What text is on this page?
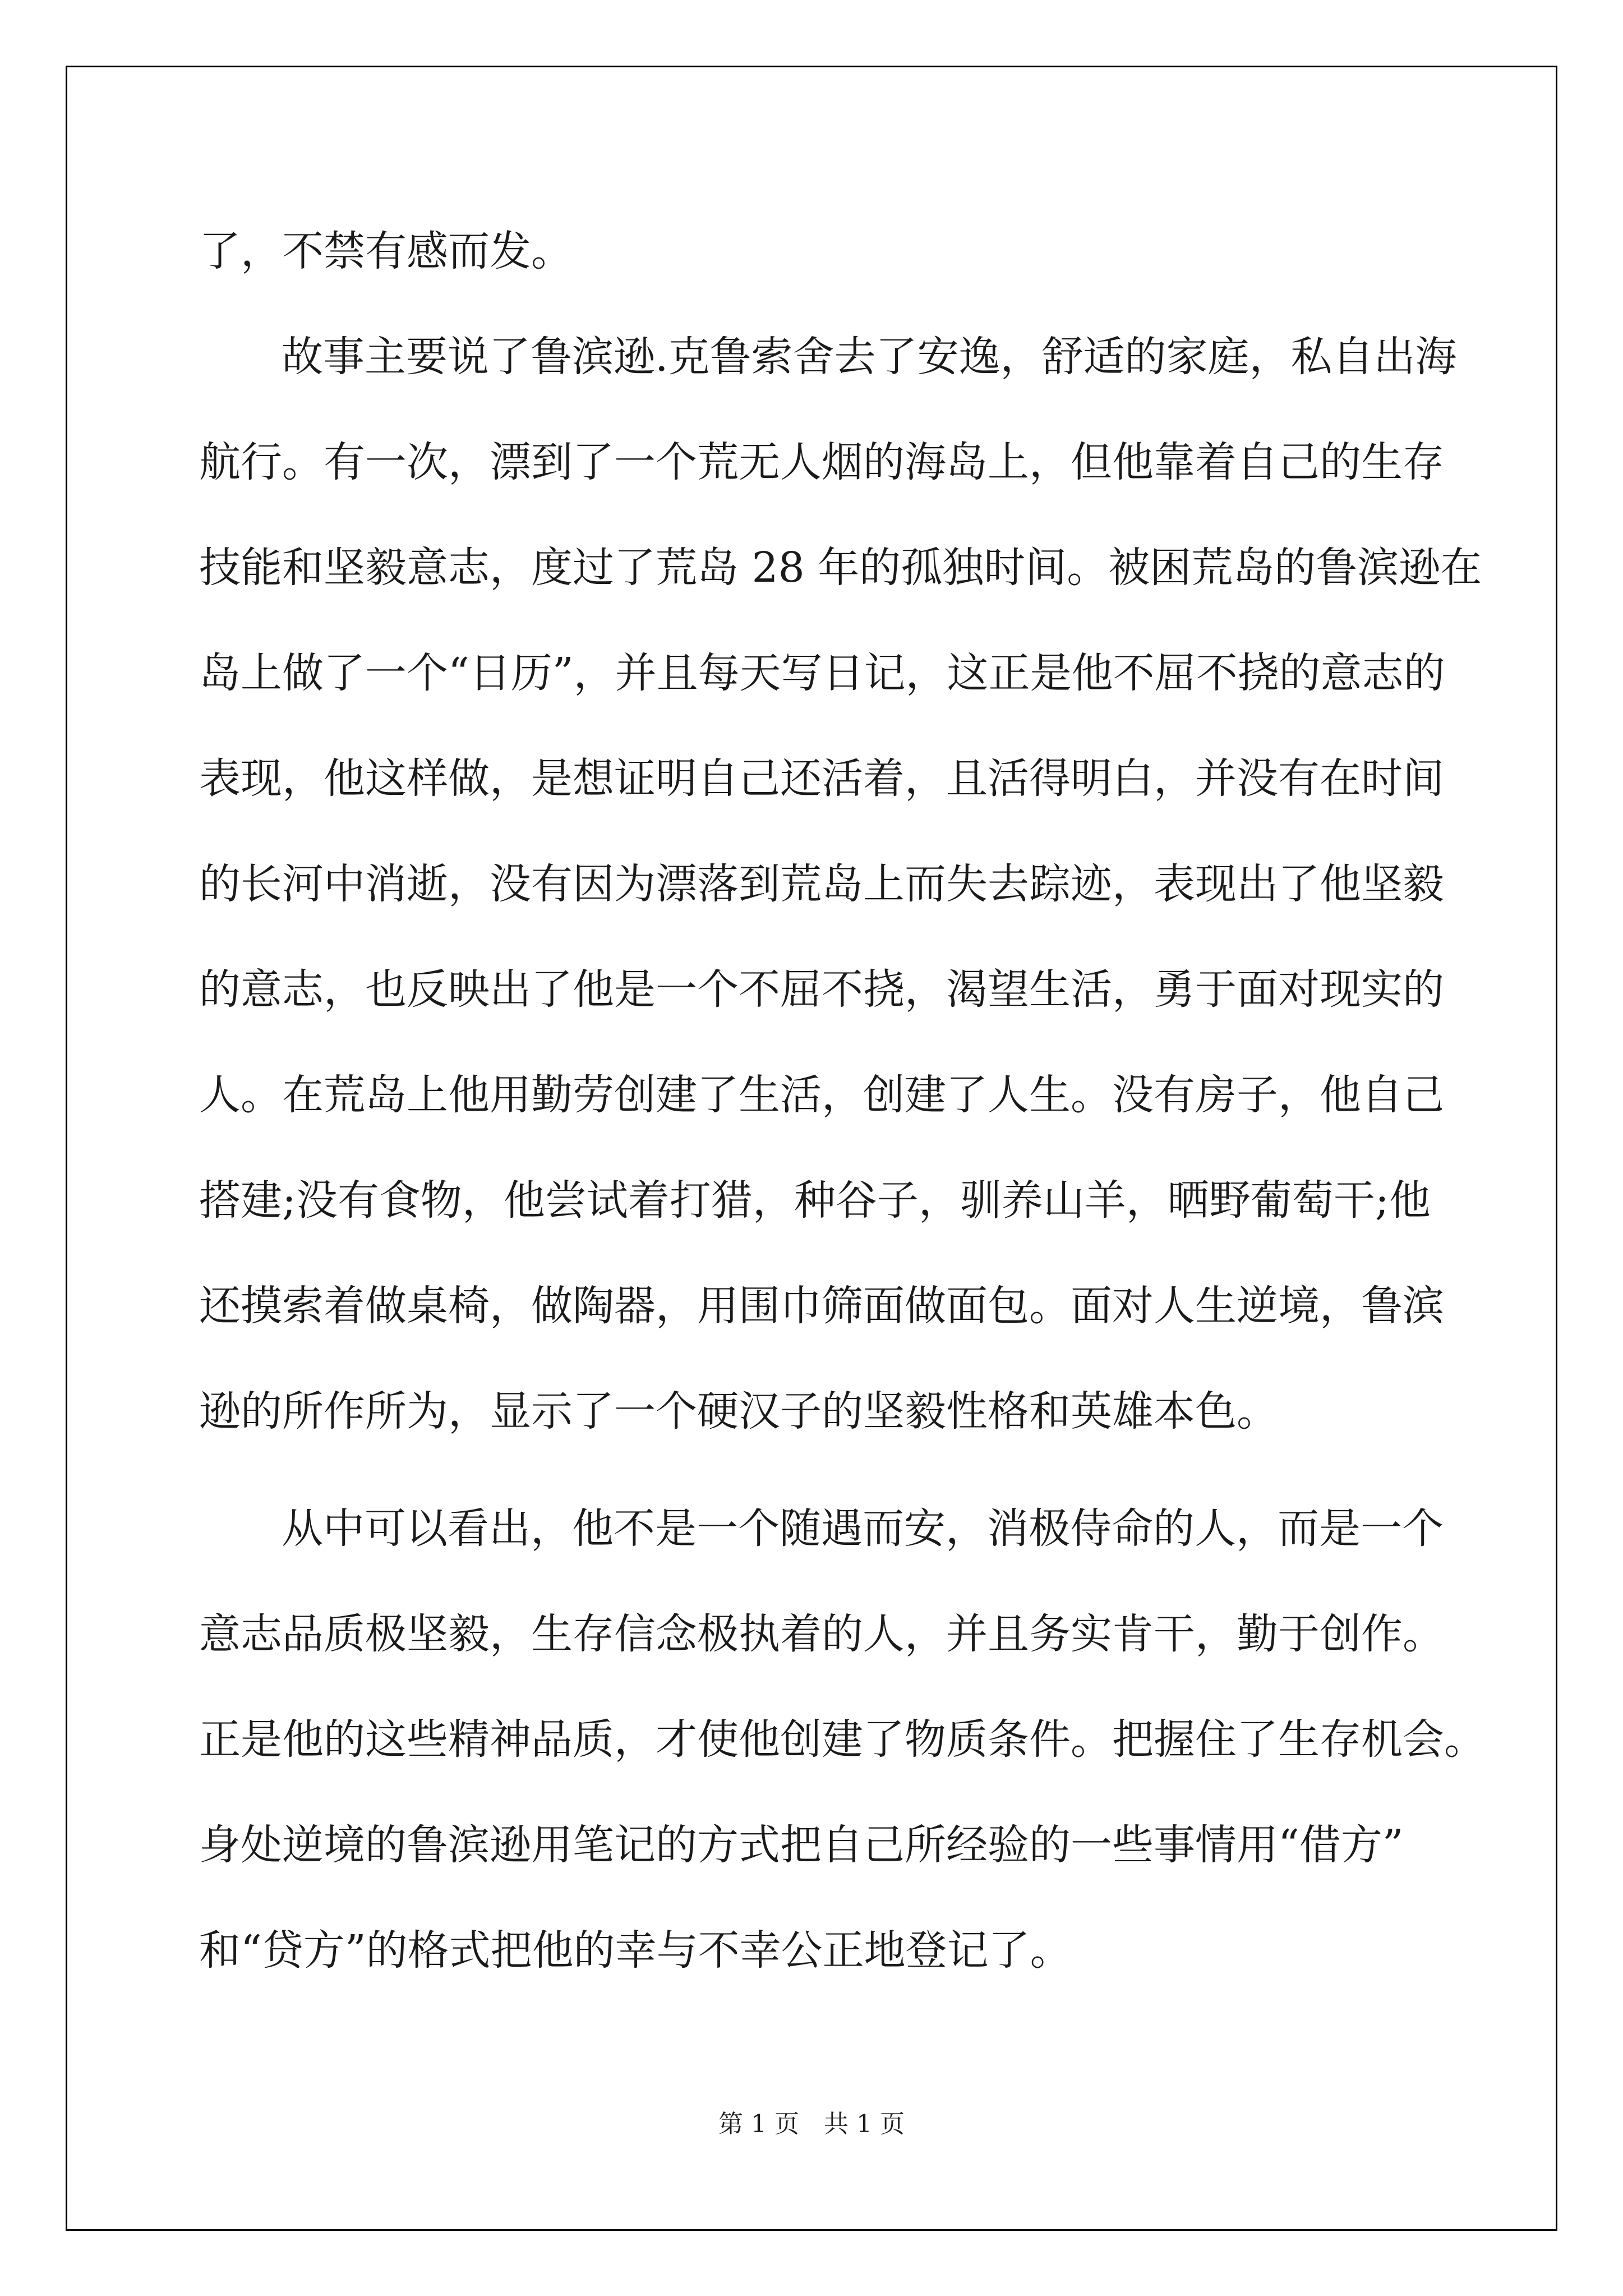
了，不禁有感而发。
故事主要说了鲁滨逊.克鲁索舍去了安逸，舒适的家庭，私自出海
航行。有一次，漂到了一个荒无人烟的海岛上，但他靠着自己的生存
技能和坚毅意志，度过了荒岛 28 年的孤独时间。被困荒岛的鲁滨逊在
岛上做了一个“日历”，并且每天写日记，这正是他不屈不挠的意志的
表现，他这样做，是想证明自己还活着，且活得明白，并没有在时间
的长河中消逝，没有因为漂落到荒岛上而失去踪迹，表现出了他坚毅
的意志，也反映出了他是一个不屈不挠，渴望生活，勇于面对现实的
人。在荒岛上他用勤劳创建了生活，创建了人生。没有房子，他自己
搭建;没有食物，他尝试着打猎，种谷子，驯养山羊，晒野葡萄干;他
还摸索着做桌椅，做陶器，用围巾筛面做面包。面对人生逆境，鲁滨
逊的所作所为，显示了一个硬汉子的坚毅性格和英雄本色。
从中可以看出，他不是一个随遇而安，消极侍命的人，而是一个
意志品质极坚毅，生存信念极执着的人，并且务实肯干，勤于创作。
正是他的这些精神品质，才使他创建了物质条件。把握住了生存机会。
身处逆境的鲁滨逊用笔记的方式把自己所经验的一些事情用“借方”
和“贷方”的格式把他的幸与不幸公正地登记了。
第 1 页　共 1 页
